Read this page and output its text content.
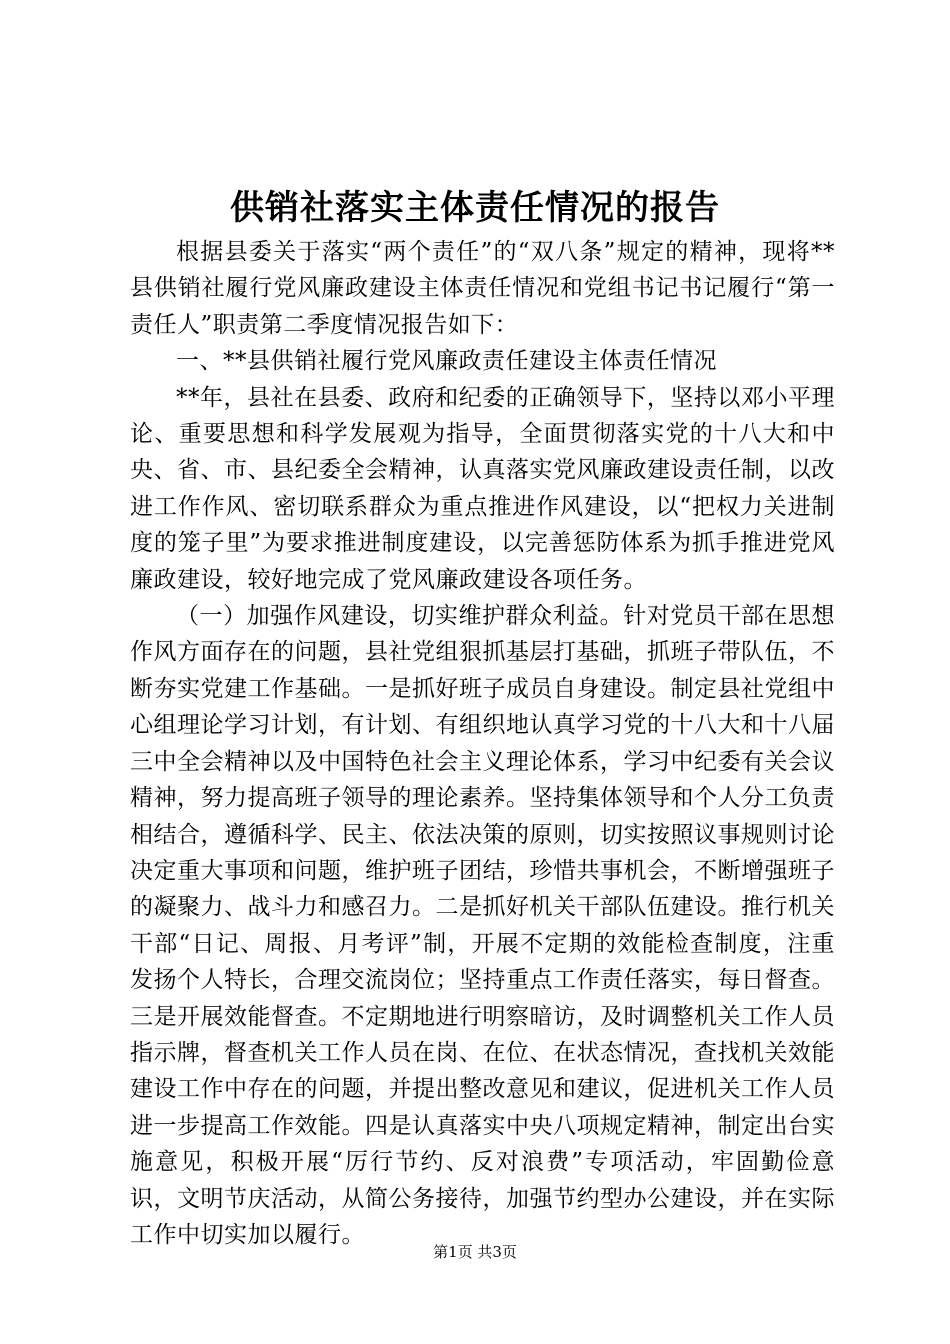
供销社落实主体责任情况的报告

根据县委关于落实“两个责任”的“双八条”规定的精神，现将**县供销社履行党风廉政建设主体责任情况和党组书记书记履行“第一责任人”职责第二季度情况报告如下：

一、**县供销社履行党风廉政责任建设主体责任情况

**年，县社在县委、政府和纪委的正确领导下，坚持以邓小平理论、重要思想和科学发展观为指导，全面贯彻落实党的十八大和中央、省、市、县纪委全会精神，认真落实党风廉政建设责任制，以改进工作作风、密切联系群众为重点推进作风建设，以“把权力关进制度的笼子里”为要求推进制度建设，以完善惩防体系为抓手推进党风廉政建设，较好地完成了党风廉政建设各项任务。

（一）加强作风建设，切实维护群众利益。针对党员干部在思想作风方面存在的问题，县社党组狠抓基层打基础，抓班子带队伍，不断夯实党建工作基础。一是抓好班子成员自身建设。制定县社党组中心组理论学习计划，有计划、有组织地认真学习党的十八大和十八届三中全会精神以及中国特色社会主义理论体系，学习中纪委有关会议精神，努力提高班子领导的理论素养。坚持集体领导和个人分工负责相结合，遵循科学、民主、依法决策的原则，切实按照议事规则讨论决定重大事项和问题，维护班子团结，珍惜共事机会，不断增强班子的凝聚力、战斗力和感召力。二是抓好机关干部队伍建设。推行机关干部“日记、周报、月考评”制，开展不定期的效能检查制度，注重发扬个人特长，合理交流岗位；坚持重点工作责任落实，每日督查。三是开展效能督查。不定期地进行明察暗访，及时调整机关工作人员指示牌，督查机关工作人员在岗、在位、在状态情况，查找机关效能建设工作中存在的问题，并提出整改意见和建议，促进机关工作人员进一步提高工作效能。四是认真落实中央八项规定精神，制定出台实施意见，积极开展“厉行节约、反对浪费”专项活动，牢固勤俭意识，文明节庆活动，从简公务接待，加强节约型办公建设，并在实际工作中切实加以履行。

第1页 共3页
